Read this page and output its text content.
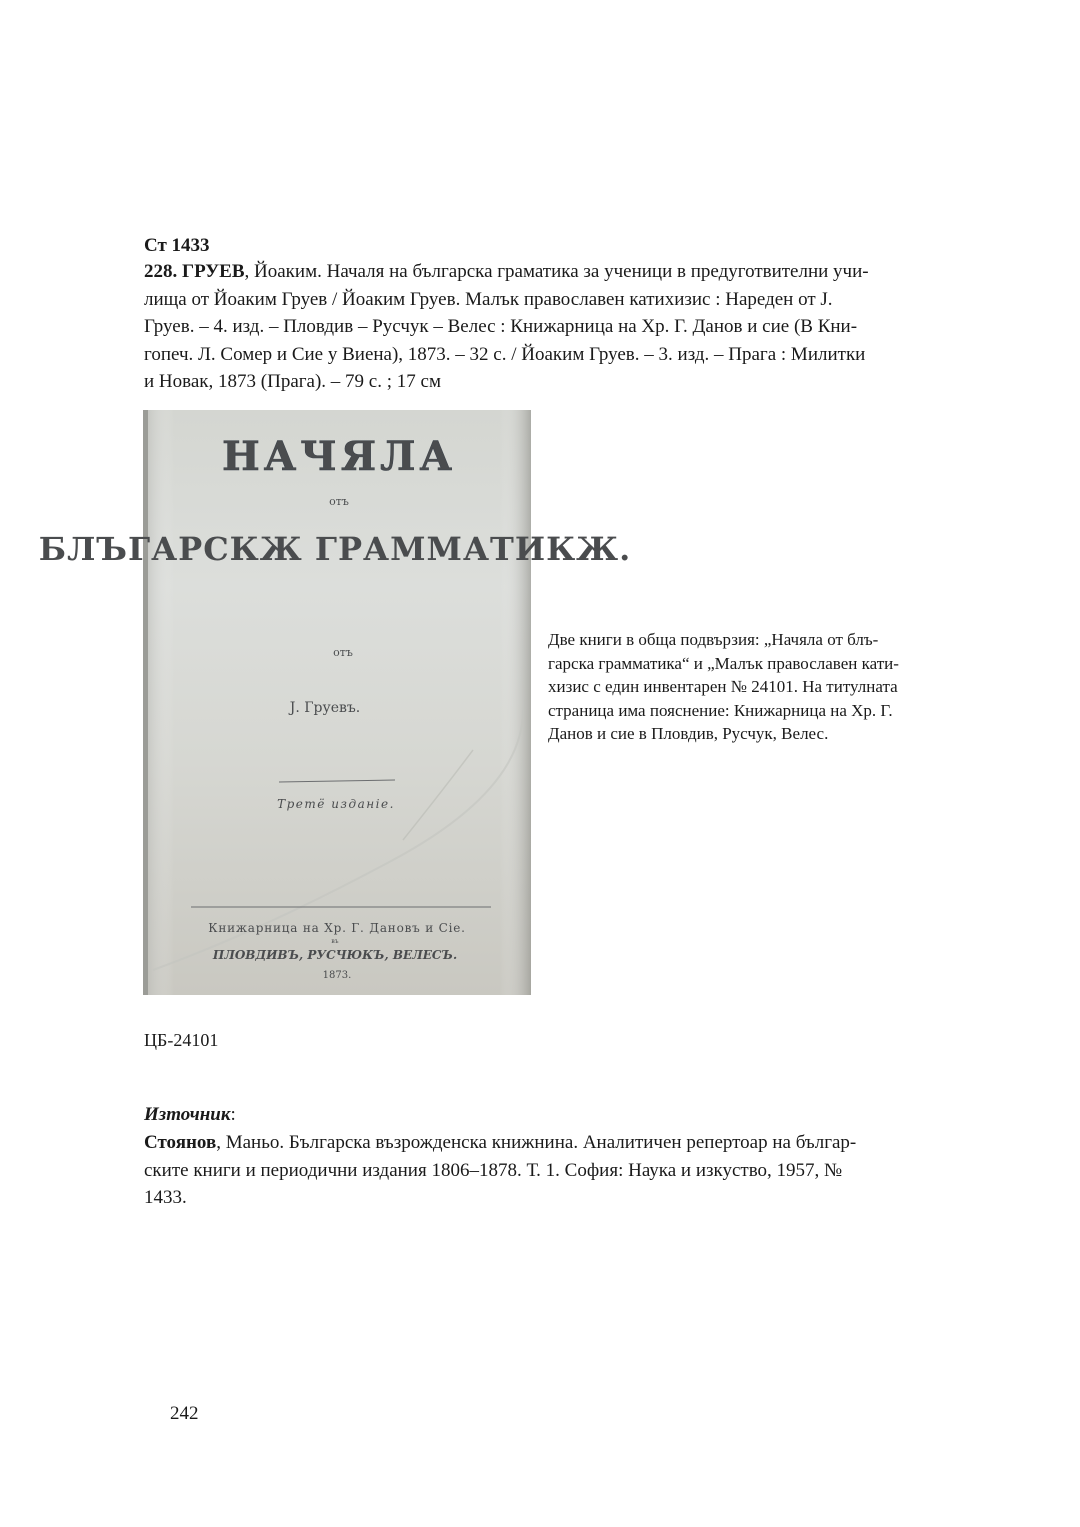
Ст 1433
228. ГРУЕВ, Йоаким. Началя на българска граматика за ученици в предуготвителни учи-
лища от Йоаким Груев / Йоаким Груев. Малък православен катихизис : Нареден от J.
Груев. – 4. изд. – Пловдив – Русчук – Велес : Книжарница на Хр. Г. Данов и сие (В Кни-
гопеч. Л. Сомер и Сие у Виена), 1873. – 32 с. / Йоаким Груев. – 3. изд. – Прага : Милитки
и Новак, 1873 (Прага). – 79 с. ; 17 см
НАЧЯЛА
отъ
БЛЪГАРСКЖ ГРАММАТИКЖ.
отъ
Ј. Груевъ.
Третё изданiе.
Книжарница на Хр. Г. Дановъ и Сіе.
въ
ПЛОВДИВЪ, РУСЧЮКЪ, ВЕЛЕСЪ.
1873.
Две книги в обща подвързия: „Начяла от блъ-
гарска грамматика“ и „Малък православен кати-
хизис с един инвентарен № 24101. На титулната
страница има пояснение: Книжарница на Хр. Г.
Данов и сие в Пловдив, Русчук, Велес.
ЦБ-24101
Източник:
Стоянов, Маньо. Българска възрожденска книжнина. Аналитичен репертоар на българ-
ските книги и периодични издания 1806–1878. Т. 1. София: Наука и изкуство, 1957, №
1433.
242
